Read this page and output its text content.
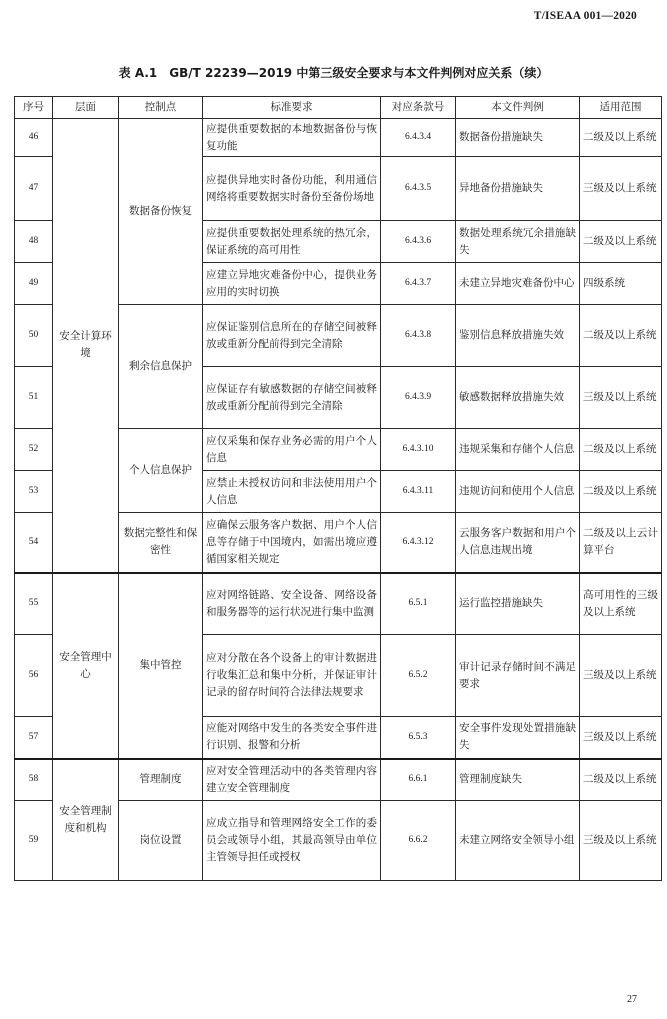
T/ISEAA 001—2020
表 A.1　GB/T 22239—2019 中第三级安全要求与本文件判例对应关系（续）
序号	层面	控制点	标准要求	对应条款号	本文件判例	适用范围
46	安全计算环境	数据备份恢复	应提供重要数据的本地数据备份与恢复功能	6.4.3.4	数据备份措施缺失	二级及以上系统
47			应提供异地实时备份功能，利用通信网络将重要数据实时备份至备份场地	6.4.3.5	异地备份措施缺失	三级及以上系统
48			应提供重要数据处理系统的热冗余，保证系统的高可用性	6.4.3.6	数据处理系统冗余措施缺失	二级及以上系统
49			应建立异地灾难备份中心，提供业务应用的实时切换	6.4.3.7	未建立异地灾难备份中心	四级系统
50		剩余信息保护	应保证鉴别信息所在的存储空间被释放或重新分配前得到完全清除	6.4.3.8	鉴别信息释放措施失效	二级及以上系统
51			应保证存有敏感数据的存储空间被释放或重新分配前得到完全清除	6.4.3.9	敏感数据释放措施失效	三级及以上系统
52		个人信息保护	应仅采集和保存业务必需的用户个人信息	6.4.3.10	违规采集和存储个人信息	二级及以上系统
53			应禁止未授权访问和非法使用用户个人信息	6.4.3.11	违规访问和使用个人信息	二级及以上系统
54		数据完整性和保密性	应确保云服务客户数据、用户个人信息等存储于中国境内，如需出境应遵循国家相关规定	6.4.3.12	云服务客户数据和用户个人信息违规出境	二级及以上云计算平台
55	安全管理中心	集中管控	应对网络链路、安全设备、网络设备和服务器等的运行状况进行集中监测	6.5.1	运行监控措施缺失	高可用性的三级及以上系统
56			应对分散在各个设备上的审计数据进行收集汇总和集中分析，并保证审计记录的留存时间符合法律法规要求	6.5.2	审计记录存储时间不满足要求	三级及以上系统
57			应能对网络中发生的各类安全事件进行识别、报警和分析	6.5.3	安全事件发现处置措施缺失	三级及以上系统
58	安全管理制度和机构	管理制度	应对安全管理活动中的各类管理内容建立安全管理制度	6.6.1	管理制度缺失	二级及以上系统
59		岗位设置	应成立指导和管理网络安全工作的委员会或领导小组，其最高领导由单位主管领导担任或授权	6.6.2	未建立网络安全领导小组	三级及以上系统
27
